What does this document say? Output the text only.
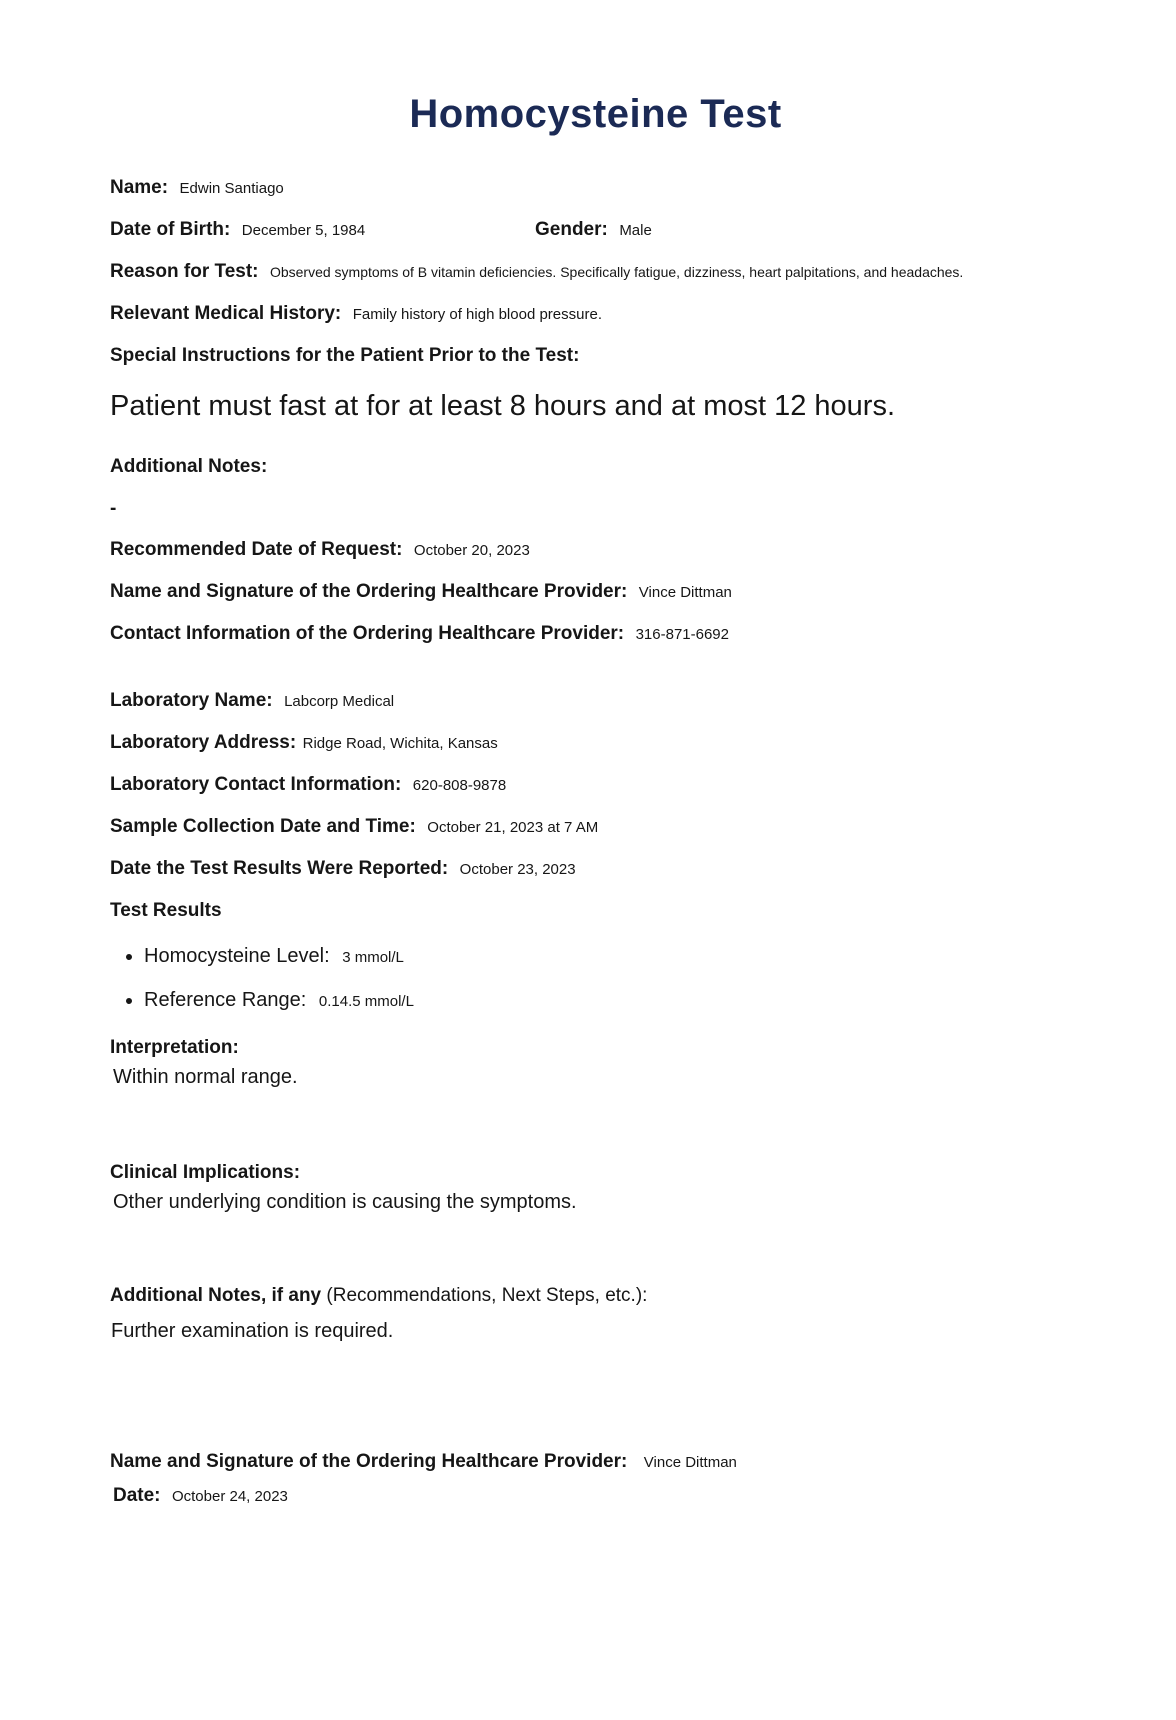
Homocysteine Test
Name: Edwin Santiago
Date of Birth: December 5, 1984	Gender: Male
Reason for Test: Observed symptoms of B vitamin deficiencies. Specifically fatigue, dizziness, heart palpitations, and headaches.
Relevant Medical History: Family history of high blood pressure.
Special Instructions for the Patient Prior to the Test:
Patient must fast at for at least 8 hours and at most 12 hours.
Additional Notes:
-
Recommended Date of Request: October 20, 2023
Name and Signature of the Ordering Healthcare Provider: Vince Dittman
Contact Information of the Ordering Healthcare Provider: 316-871-6692
Laboratory Name: Labcorp Medical
Laboratory Address: Ridge Road, Wichita, Kansas
Laboratory Contact Information: 620-808-9878
Sample Collection Date and Time: October 21, 2023 at 7 AM
Date the Test Results Were Reported: October 23, 2023
Test Results
• Homocysteine Level: 3 mmol/L
• Reference Range: 0.14.5 mmol/L
Interpretation:
Within normal range.
Clinical Implications:
Other underlying condition is causing the symptoms.
Additional Notes, if any (Recommendations, Next Steps, etc.):
Further examination is required.
Name and Signature of the Ordering Healthcare Provider: Vince Dittman
Date: October 24, 2023
